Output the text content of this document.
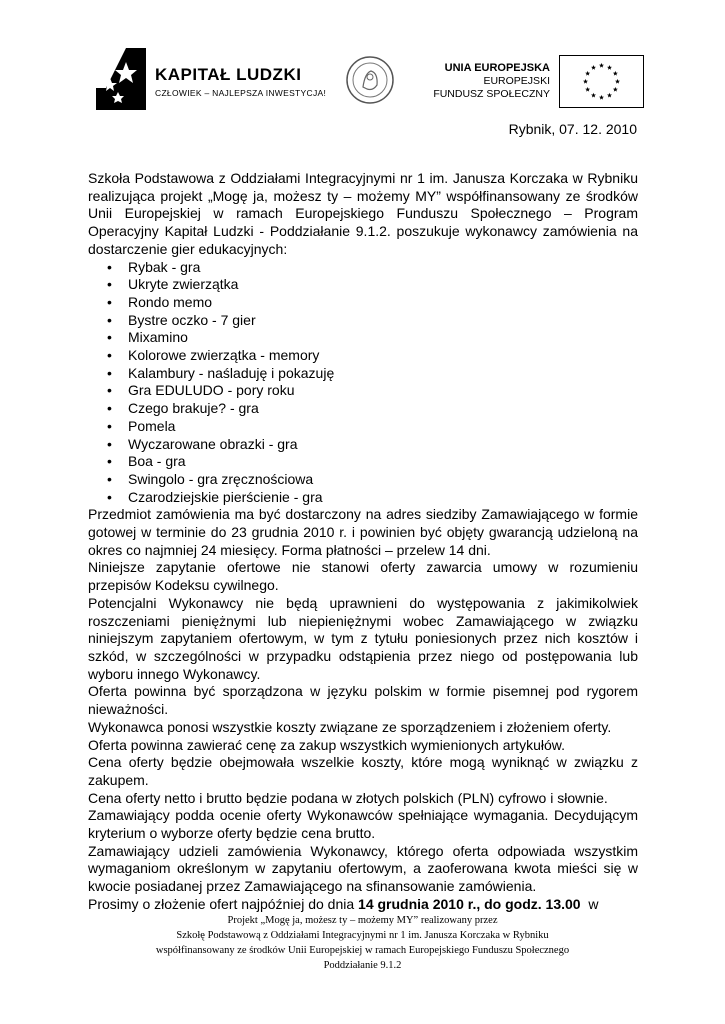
KAPITAŁ LUDZKI
CZŁOWIEK – NAJLEPSZA INWESTYCJA!
UNIA EUROPEJSKA
EUROPEJSKI
FUNDUSZ SPOŁECZNY
Rybnik, 07. 12. 2010

Szkoła Podstawowa z Oddziałami Integracyjnymi nr 1 im. Janusza Korczaka w Rybniku realizująca projekt „Mogę ja, możesz ty – możemy MY” współfinansowany ze środków Unii Europejskiej w ramach Europejskiego Funduszu Społecznego – Program Operacyjny Kapitał Ludzki - Poddziałanie 9.1.2. poszukuje wykonawcy zamówienia na dostarczenie gier edukacyjnych:

• Rybak - gra
• Ukryte zwierzątka
• Rondo memo
• Bystre oczko - 7 gier
• Mixamino
• Kolorowe zwierzątka - memory
• Kalambury - naśladuję i pokazuję
• Gra EDULUDO - pory roku
• Czego brakuje? - gra
• Pomela
• Wyczarowane obrazki - gra
• Boa - gra
• Swingolo - gra zręcznościowa
• Czarodziejskie pierścienie - gra

Przedmiot zamówienia ma być dostarczony na adres siedziby Zamawiającego w formie gotowej w terminie do 23 grudnia 2010 r. i powinien być objęty gwarancją udzieloną na okres co najmniej 24 miesięcy. Forma płatności – przelew 14 dni.

Niniejsze zapytanie ofertowe nie stanowi oferty zawarcia umowy w rozumieniu przepisów Kodeksu cywilnego.

Potencjalni Wykonawcy nie będą uprawnieni do występowania z jakimikolwiek roszczeniami pieniężnymi lub niepieniężnymi wobec Zamawiającego w związku niniejszym zapytaniem ofertowym, w tym z tytułu poniesionych przez nich kosztów i szkód, w szczególności w przypadku odstąpienia przez niego od postępowania lub wyboru innego Wykonawcy.

Oferta powinna być sporządzona w języku polskim w formie pisemnej pod rygorem nieważności.

Wykonawca ponosi wszystkie koszty związane ze sporządzeniem i złożeniem oferty.

Oferta powinna zawierać cenę za zakup wszystkich wymienionych artykułów.

Cena oferty będzie obejmowała wszelkie koszty, które mogą wyniknąć w związku z zakupem.

Cena oferty netto i brutto będzie podana w złotych polskich (PLN) cyfrowo i słownie.

Zamawiający podda ocenie oferty Wykonawców spełniające wymagania. Decydującym kryterium o wyborze oferty będzie cena brutto.

Zamawiający udzieli zamówienia Wykonawcy, którego oferta odpowiada wszystkim wymaganiom określonym w zapytaniu ofertowym, a zaoferowana kwota mieści się w kwocie posiadanej przez Zamawiającego na sfinansowanie zamówienia.

Prosimy o złożenie ofert najpóźniej do dnia 14 grudnia 2010 r., do godz. 13.00  w

Projekt „Mogę ja, możesz ty – możemy MY” realizowany przez
Szkołę Podstawową z Oddziałami Integracyjnymi nr 1 im. Janusza Korczaka w Rybniku
współfinansowany ze środków Unii Europejskiej w ramach Europejskiego Funduszu Społecznego
Poddziałanie 9.1.2
